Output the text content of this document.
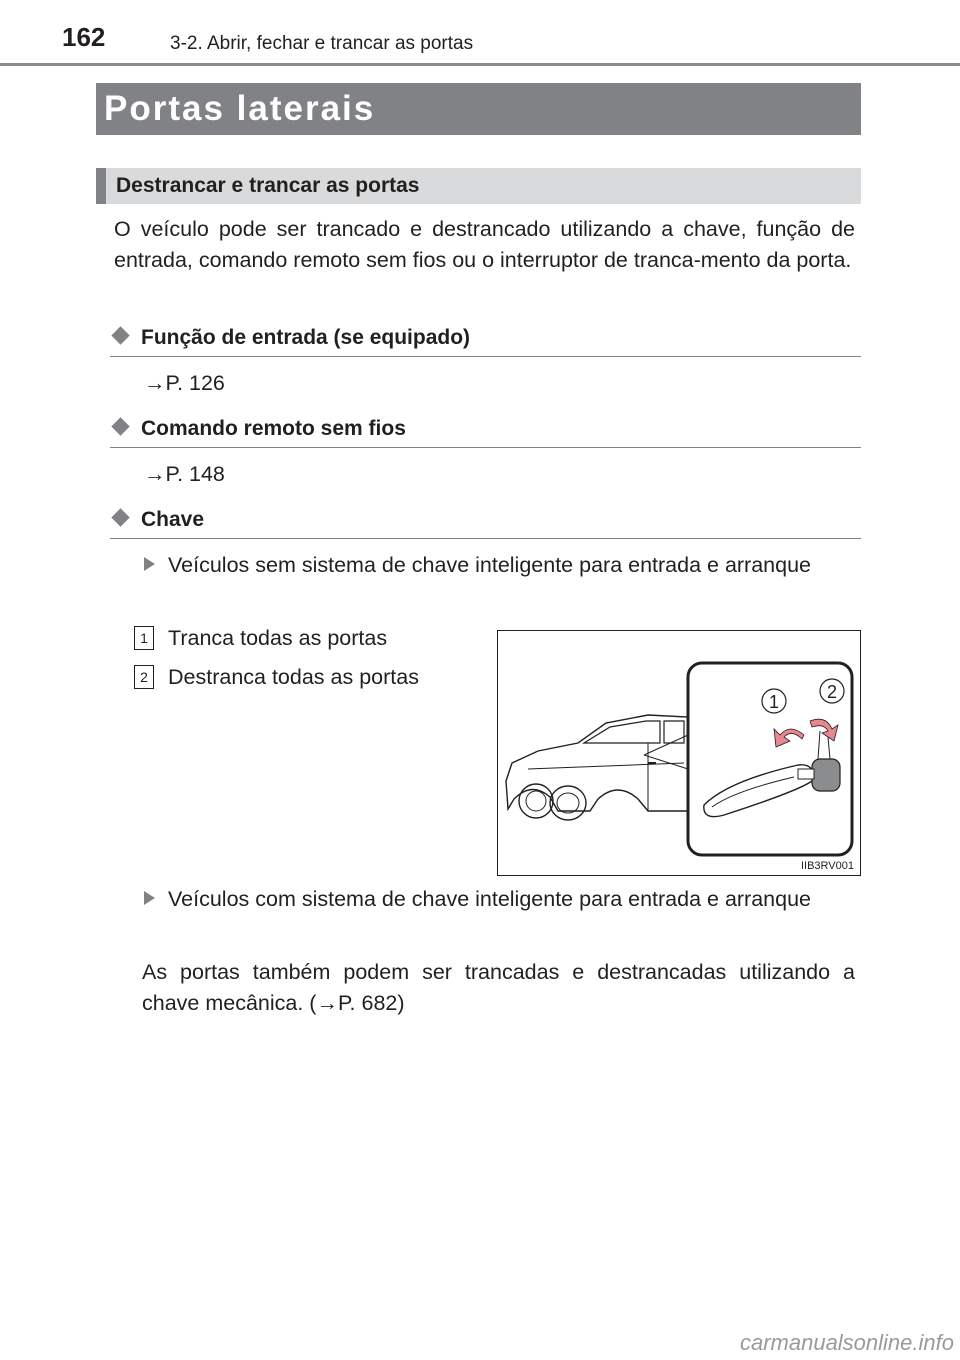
162	3-2. Abrir, fechar e trancar as portas
Portas laterais
Destrancar e trancar as portas
O veículo pode ser trancado e destrancado utilizando a chave, função de entrada, comando remoto sem fios ou o interruptor de tranca-mento da porta.
Função de entrada (se equipado)
→P. 126
Comando remoto sem fios
→P. 148
Chave
Veículos sem sistema de chave inteligente para entrada e arranque
1 Tranca todas as portas
2 Destranca todas as portas
1	2
IIB3RV001
Veículos com sistema de chave inteligente para entrada e arranque
As portas também podem ser trancadas e destrancadas utilizando a chave mecânica. (→P. 682)
carmanualsonline.info
